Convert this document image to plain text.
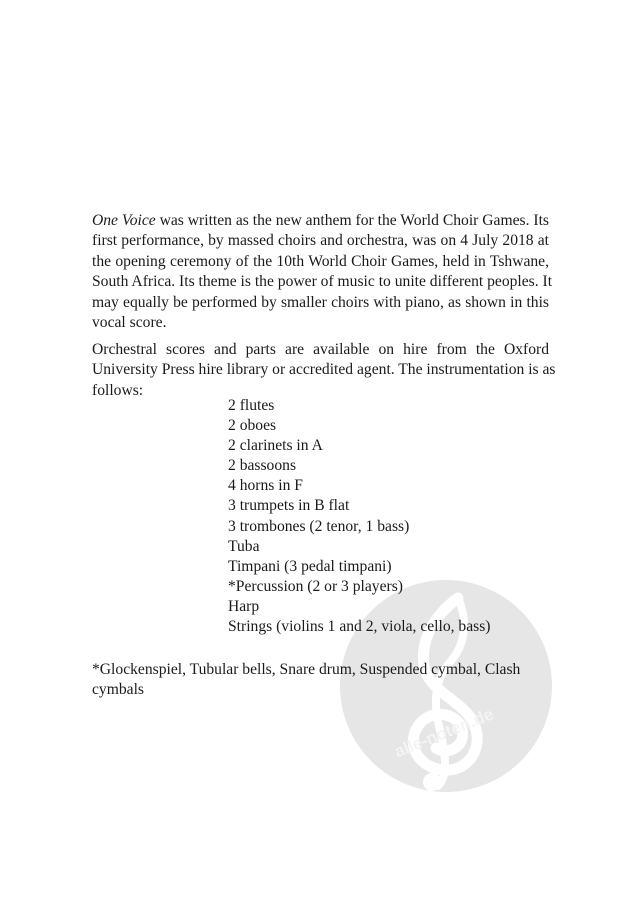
alle-noten.de
One Voice was written as the new anthem for the World Choir Games. Its
first performance, by massed choirs and orchestra, was on 4 July 2018 at
the opening ceremony of the 10th World Choir Games, held in Tshwane,
South Africa. Its theme is the power of music to unite different peoples. It
may equally be performed by smaller choirs with piano, as shown in this
vocal score.
Orchestral scores and parts are available on hire from the Oxford
University Press hire library or accredited agent. The instrumentation is as
follows:
2 flutes
2 oboes
2 clarinets in A
2 bassoons
4 horns in F
3 trumpets in B flat
3 trombones (2 tenor, 1 bass)
Tuba
Timpani (3 pedal timpani)
*Percussion (2 or 3 players)
Harp
Strings (violins 1 and 2, viola, cello, bass)
*Glockenspiel, Tubular bells, Snare drum, Suspended cymbal, Clash
cymbals
